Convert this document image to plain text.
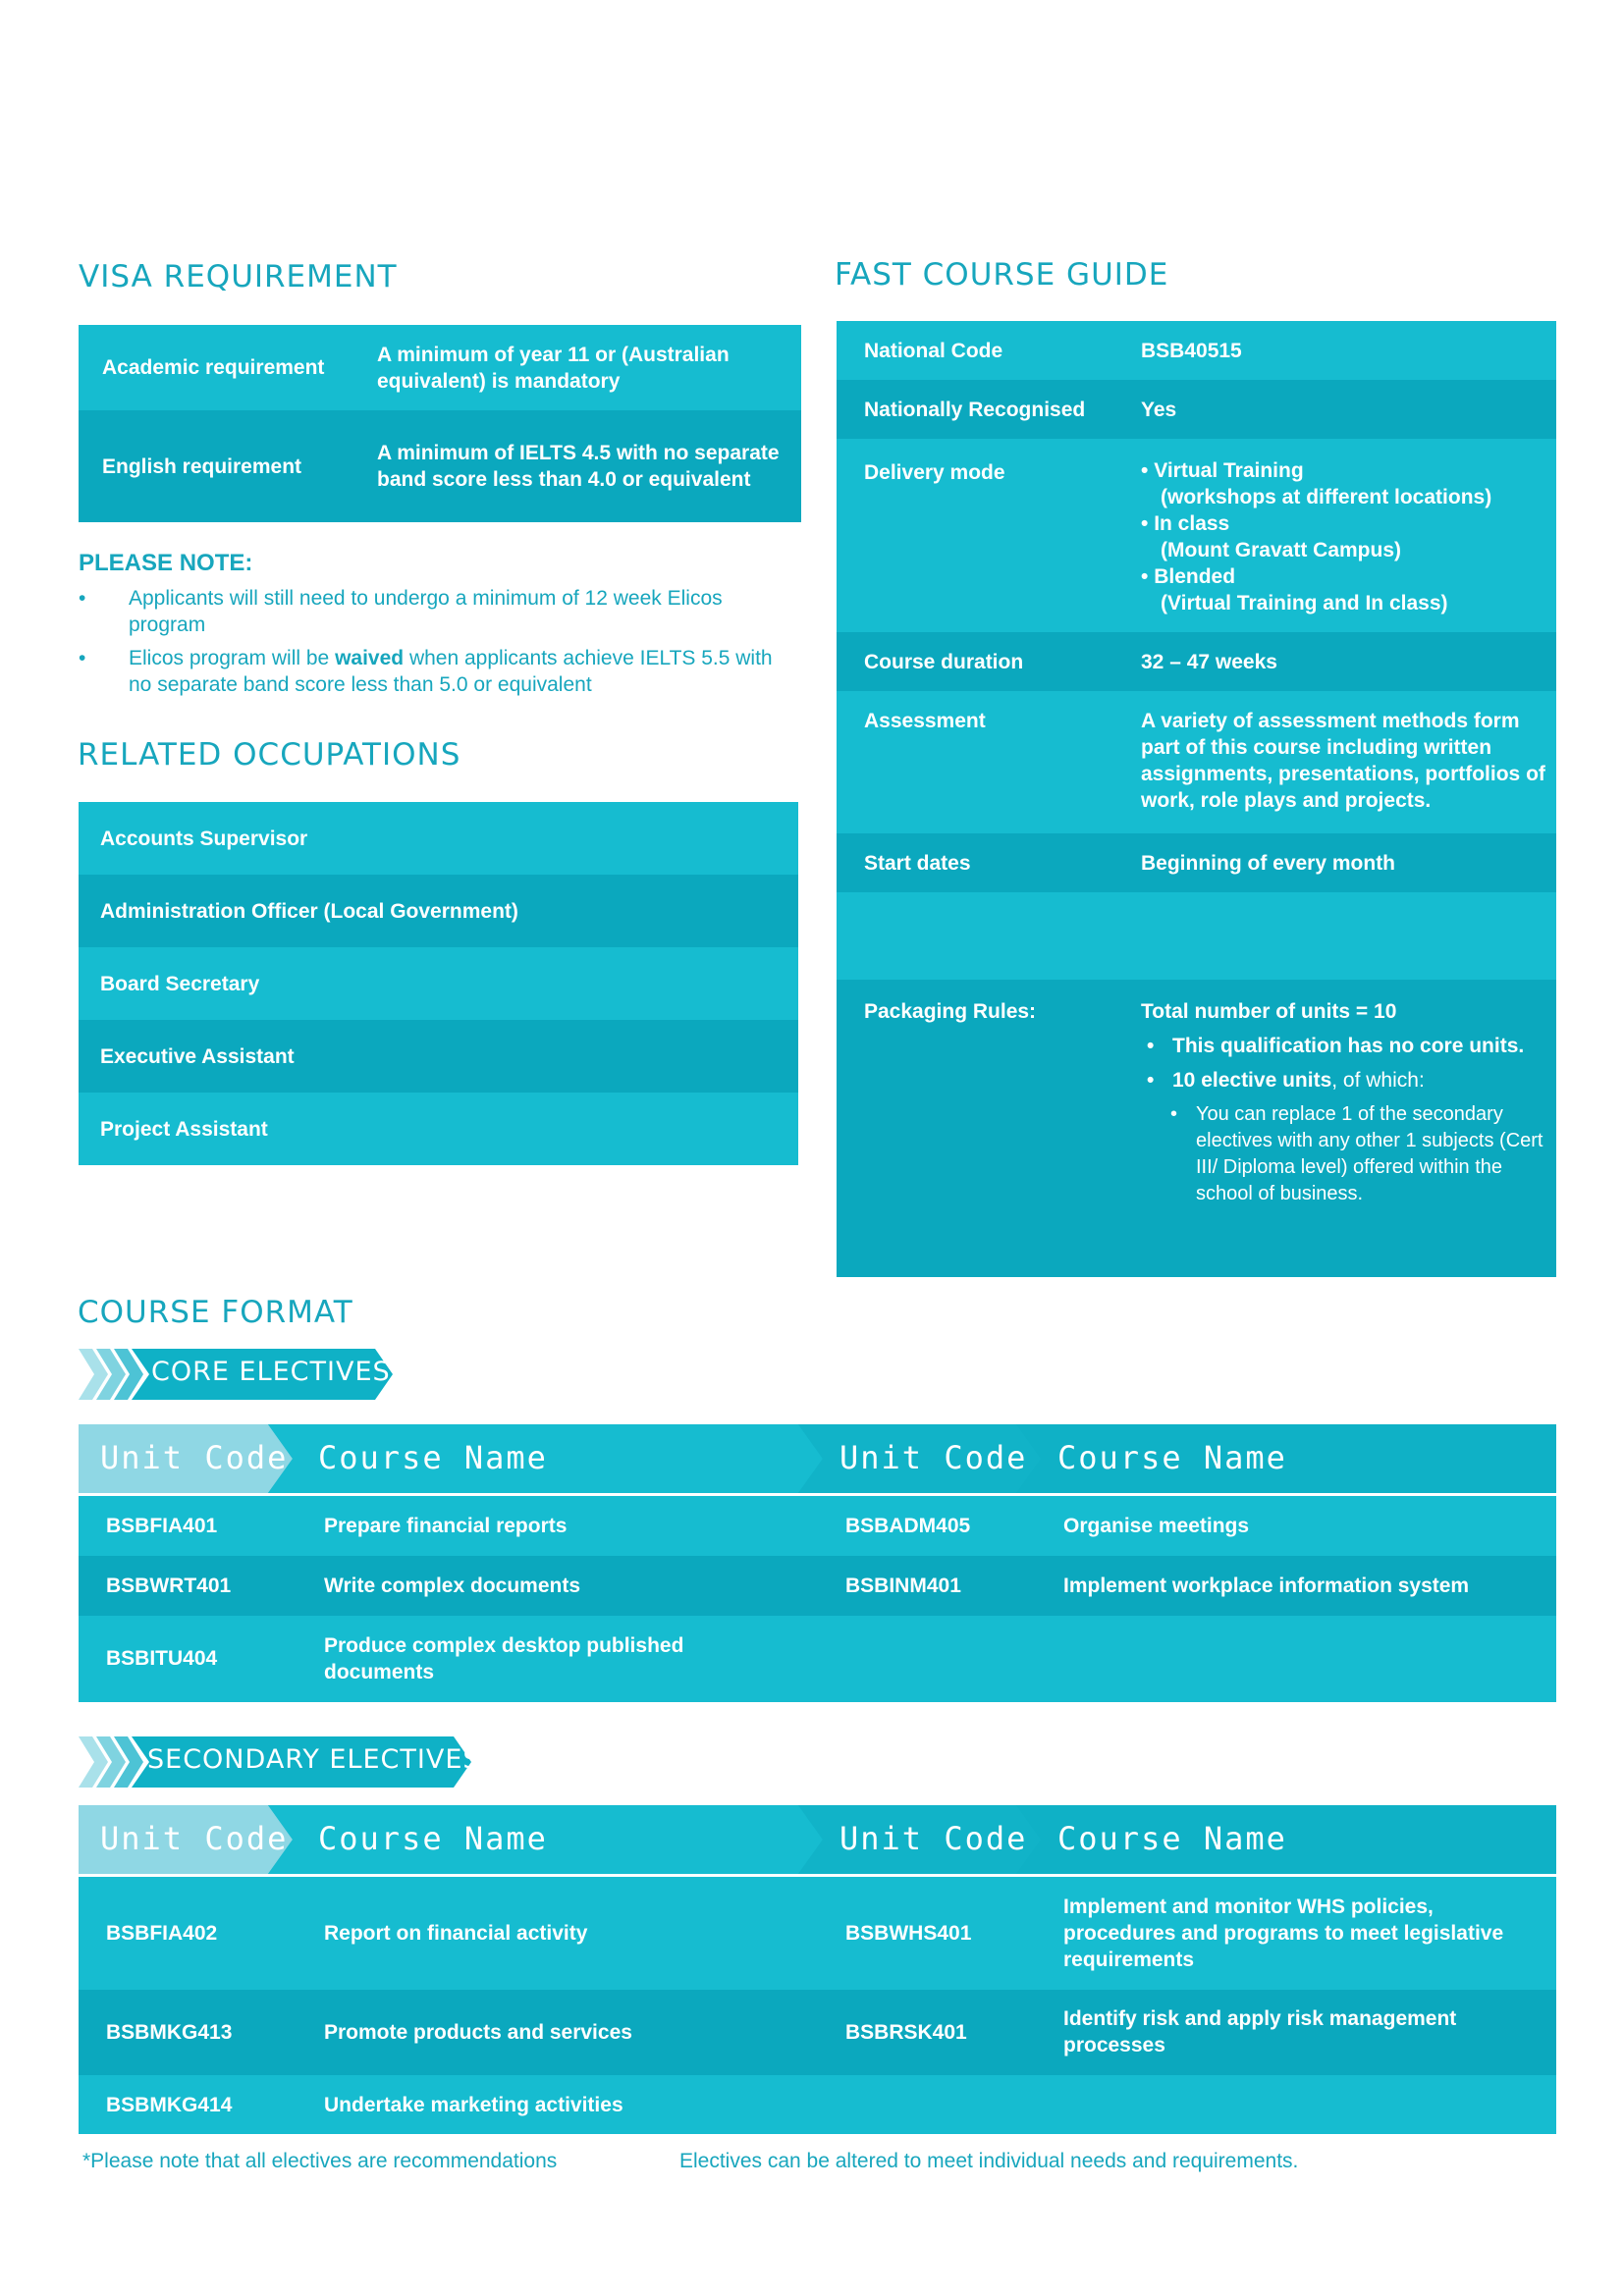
VISA REQUIREMENT
Academic requirement
A minimum of year 11 or (Australian equivalent) is mandatory
English requirement
A minimum of IELTS 4.5 with no separate band score less than 4.0 or equivalent
PLEASE NOTE:
• Applicants will still need to undergo a minimum of 12 week Elicos program
• Elicos program will be waived when applicants achieve IELTS 5.5 with no separate band score less than 5.0 or equivalent
RELATED OCCUPATIONS
Accounts Supervisor
Administration Officer (Local Government)
Board Secretary
Executive Assistant
Project Assistant
FAST COURSE GUIDE
National Code	BSB40515
Nationally Recognised	Yes
Delivery mode	• Virtual Training
(workshops at different locations)
• In class
(Mount Gravatt Campus)
• Blended
(Virtual Training and In class)
Course duration	32 – 47 weeks
Assessment	A variety of assessment methods form part of this course including written assignments, presentations, portfolios of work, role plays and projects.
Start dates	Beginning of every month
Packaging Rules:	Total number of units = 10
• This qualification has no core units.
• 10 elective units, of which:
• You can replace 1 of the secondary electives with any other 1 subjects (Cert III/ Diploma level) offered within the school of business.
COURSE FORMAT
CORE ELECTIVES
Unit Code Course Name	Unit Code Course Name
BSBFIA401	Prepare financial reports	BSBADM405	Organise meetings
BSBWRT401	Write complex documents	BSBINM401	Implement workplace information system
BSBITU404
Produce complex desktop published documents
SECONDARY ELECTIVES
Unit Code Course Name	Unit Code Course Name
BSBFIA402	Report on financial activity	BSBWHS401
Implement and monitor WHS policies, procedures and programs to meet legislative requirements
BSBMKG413	Promote products and services	BSBRSK401
Identify risk and apply risk management processes
BSBMKG414	Undertake marketing activities
*Please note that all electives are recommendations	Electives can be altered to meet individual needs and requirements.
